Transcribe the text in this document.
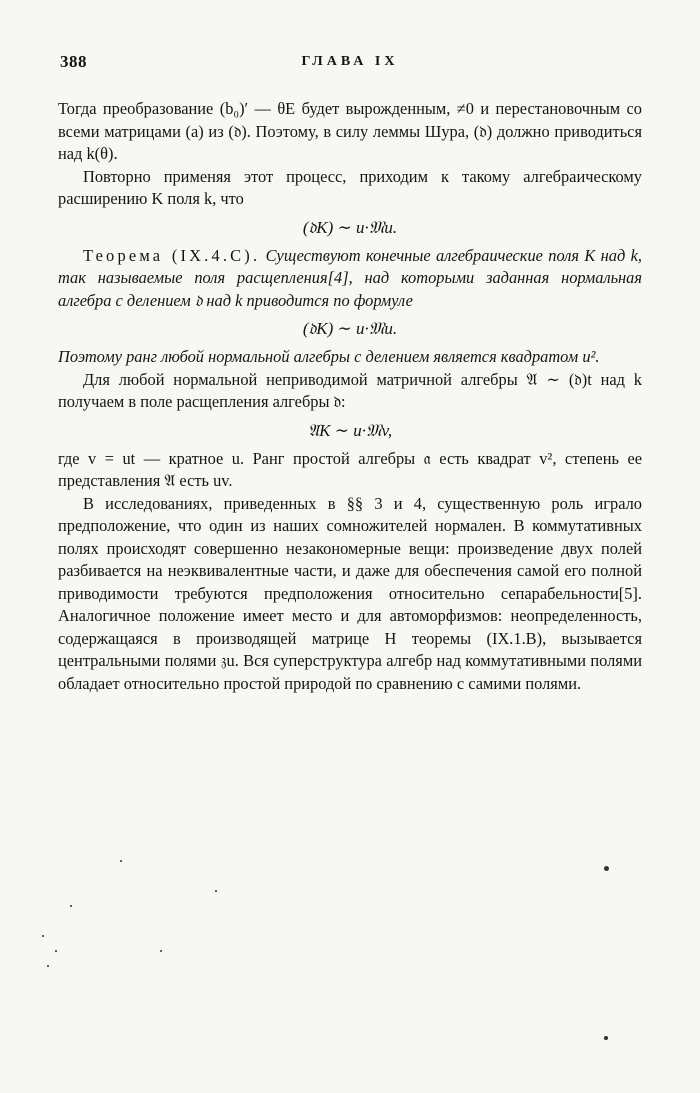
388	ГЛАВА IX

Тогда преобразование (b₀)′ — θE будет вырожденным, ≠0 и перестановочным со всеми матрицами (a) из (𝔡). Поэтому, в силу леммы Шура, (𝔡) должно приводиться над k(θ).

Повторно применяя этот процесс, приходим к такому алгебраическому расширению K поля k, что

(𝔡K) ∼ u·𝔐u.

Теорема (IX.4.C). Существуют конечные алгебраические поля K над k, так называемые поля расщепления[4], над которыми заданная нормальная алгебра с делением 𝔡 над k приводится по формуле

(𝔡K) ∼ u·𝔐u.

Поэтому ранг любой нормальной алгебры с делением является квадратом u².

Для любой нормальной неприводимой матричной алгебры 𝔄 ∼ (𝔡)t над k получаем в поле расщепления алгебры 𝔡:

𝔄K ∼ u·𝔐v,

где v = ut — кратное u. Ранг простой алгебры 𝔞 есть квадрат v², степень ее представления 𝔄 есть uv.

В исследованиях, приведенных в §§ 3 и 4, существенную роль играло предположение, что один из наших сомножителей нормален. В коммутативных полях происходят совершенно незакономерные вещи: произведение двух полей разбивается на неэквивалентные части, и даже для обеспечения самой его полной приводимости требуются предположения относительно сепарабельности[5]. Аналогичное положение имеет место и для автоморфизмов: неопределенность, содержащаяся в производящей матрице H теоремы (IX.1.B), вызывается центральными полями 𝔷u. Вся суперструктура алгебр над коммутативными полями обладает относительно простой природой по сравнению с самими полями.
